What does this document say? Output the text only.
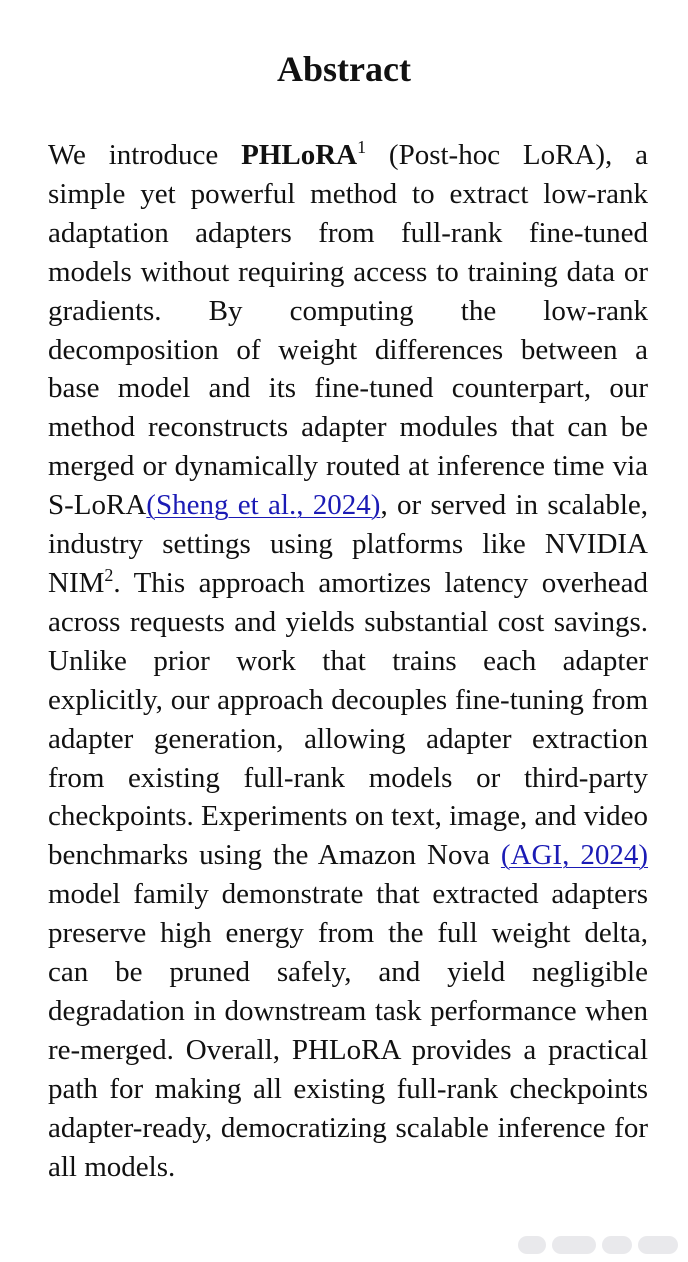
Abstract

We introduce PHLoRA$^1$ (Post-hoc LoRA), a simple yet powerful method to extract low-rank adaptation adapters from full-rank fine-tuned models without requiring access to training data or gradients. By computing the low-rank decomposition of weight differences between a base model and its fine-tuned counterpart, our method reconstructs adapter modules that can be merged or dynamically routed at inference time via S-LoRA(Sheng et al., 2024), or served in scalable, industry settings using platforms like NVIDIA NIM$^2$. This approach amortizes latency overhead across requests and yields substantial cost savings. Unlike prior work that trains each adapter explicitly, our approach decouples fine-tuning from adapter generation, allowing adapter extraction from existing full-rank models or third-party checkpoints. Experiments on text, image, and video benchmarks using the Amazon Nova (AGI, 2024) model family demonstrate that extracted adapters preserve high energy from the full weight delta, can be pruned safely, and yield negligible degradation in downstream task performance when re-merged. Overall, PHLoRA provides a practical path for making all existing full-rank checkpoints adapter-ready, democratizing scalable inference for all models.
